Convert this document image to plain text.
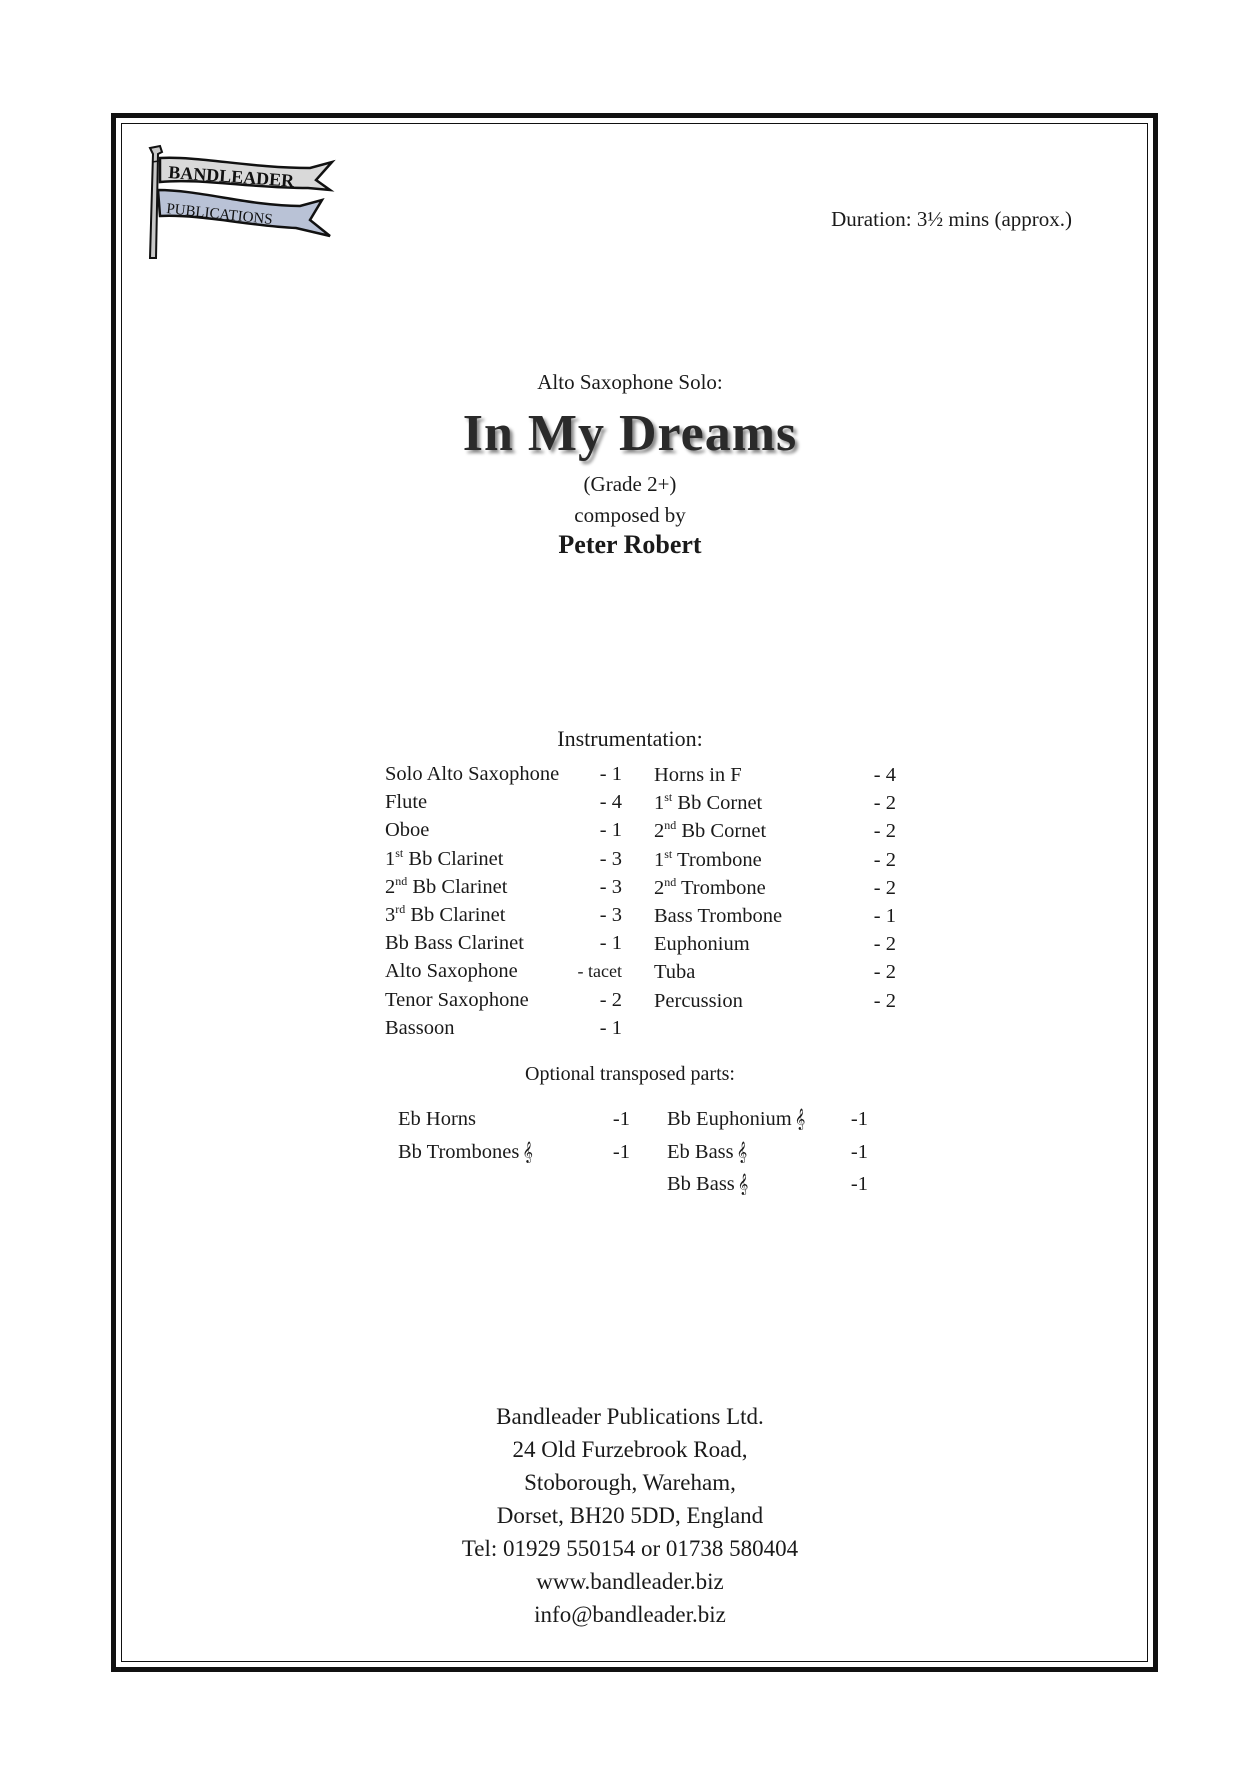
BANDLEADER
PUBLICATIONS	Duration: 3½ mins (approx.)
Alto Saxophone Solo:
In My Dreams
(Grade 2+)
composed by
Peter Robert
Instrumentation:
Solo Alto Saxophone - 1
Flute	- 4
Oboe	- 1
1st Bb Clarinet	- 3
2nd Bb Clarinet	- 3
3rd Bb Clarinet	- 3
Bb Bass Clarinet	- 1
Alto Saxophone	- tacet
Tenor Saxophone	- 2
Bassoon	- 1
Horns in F	- 4
1st Bb Cornet	- 2
2nd Bb Cornet	- 2
1st Trombone	- 2
2nd Trombone	- 2
Bass Trombone	- 1
Euphonium	- 2
Tuba	- 2
Percussion	- 2
Optional transposed parts:
Eb Horns	-1
Bb Trombones 𝄞	-1
Bb Euphonium 𝄞 -1
Eb Bass 𝄞	-1
Bb Bass 𝄞	-1
Bandleader Publications Ltd.
24 Old Furzebrook Road,
Stoborough, Wareham,
Dorset, BH20 5DD, England
Tel: 01929 550154 or 01738 580404
www.bandleader.biz
info@bandleader.biz
